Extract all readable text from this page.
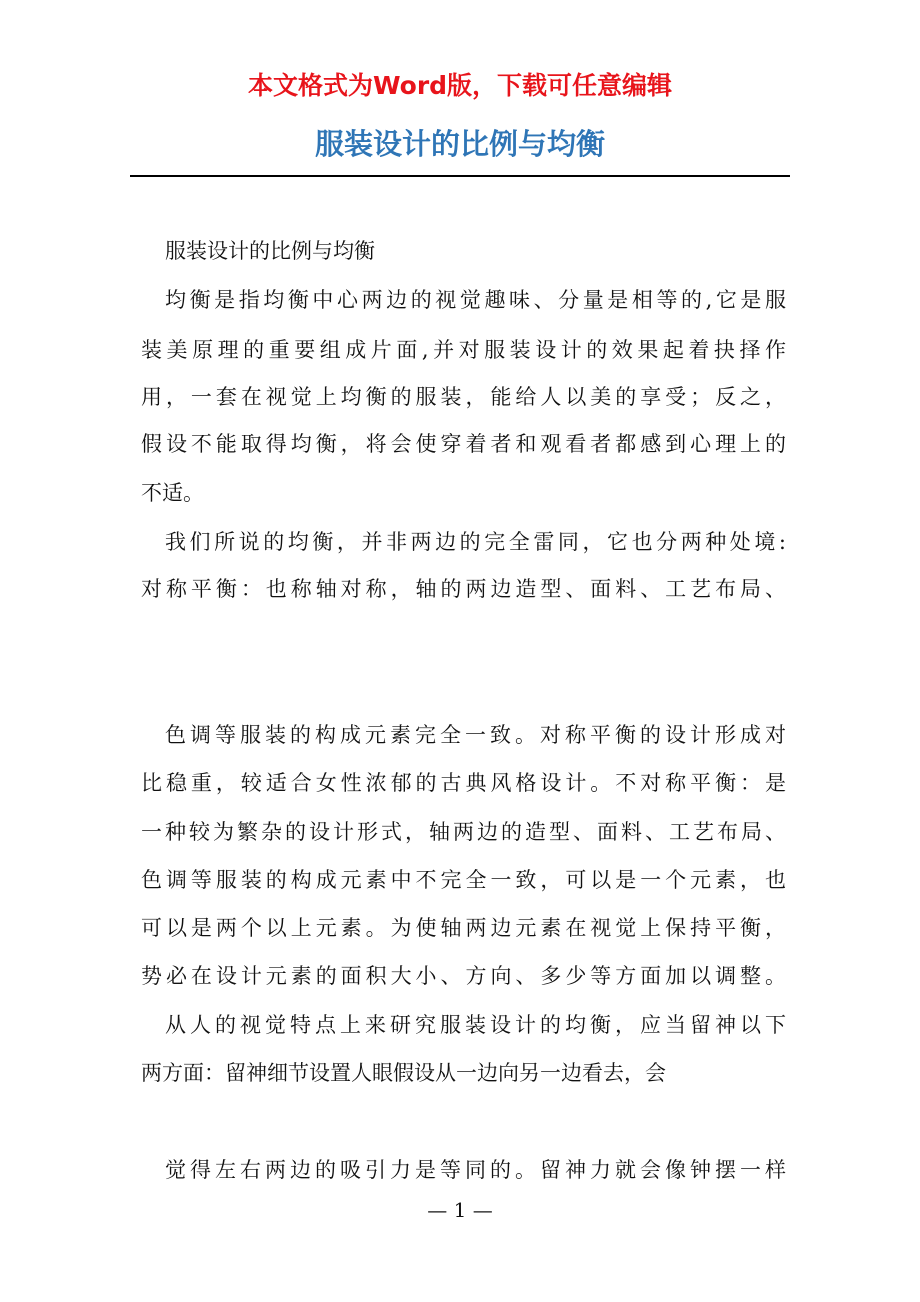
本文格式为Word版，下载可任意编辑
服装设计的比例与均衡

服装设计的比例与均衡

均衡是指均衡中心两边的视觉趣味、分量是相等的,它是服

装美原理的重要组成片面,并对服装设计的效果起着抉择作

用，一套在视觉上均衡的服装，能给人以美的享受；反之，

假设不能取得均衡，将会使穿着者和观看者都感到心理上的

不适。

我们所说的均衡，并非两边的完全雷同，它也分两种处境:

对称平衡：也称轴对称，轴的两边造型、面料、工艺布局、

色调等服装的构成元素完全一致。对称平衡的设计形成对

比稳重，较适合女性浓郁的古典风格设计。不对称平衡：是

一种较为繁杂的设计形式，轴两边的造型、面料、工艺布局、

色调等服装的构成元素中不完全一致，可以是一个元素，也

可以是两个以上元素。为使轴两边元素在视觉上保持平衡，

势必在设计元素的面积大小、方向、多少等方面加以调整。

从人的视觉特点上来研究服装设计的均衡，应当留神以下

两方面：留神细节设置人眼假设从一边向另一边看去，会

觉得左右两边的吸引力是等同的。留神力就会像钟摆一样

— 1 —
